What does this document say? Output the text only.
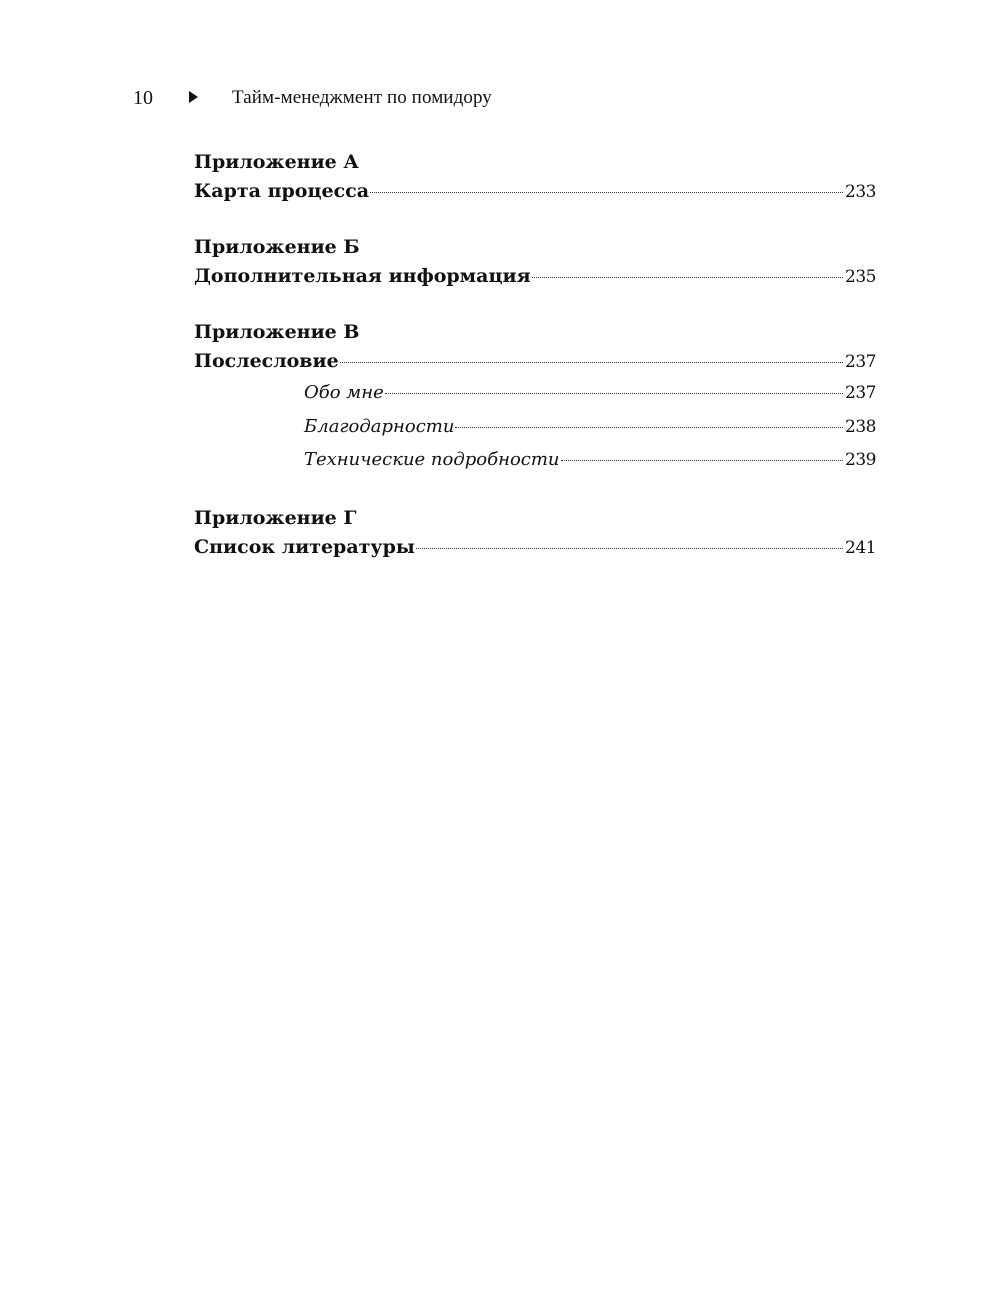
10	Тайм-менеджмент по помидору
Приложение А
Карта процесса	233
Приложение Б
Дополнительная информация	235
Приложение В
Послесловие	237
Обо мне	237
Благодарности	238
Технические подробности	239
Приложение Г
Список литературы	241
